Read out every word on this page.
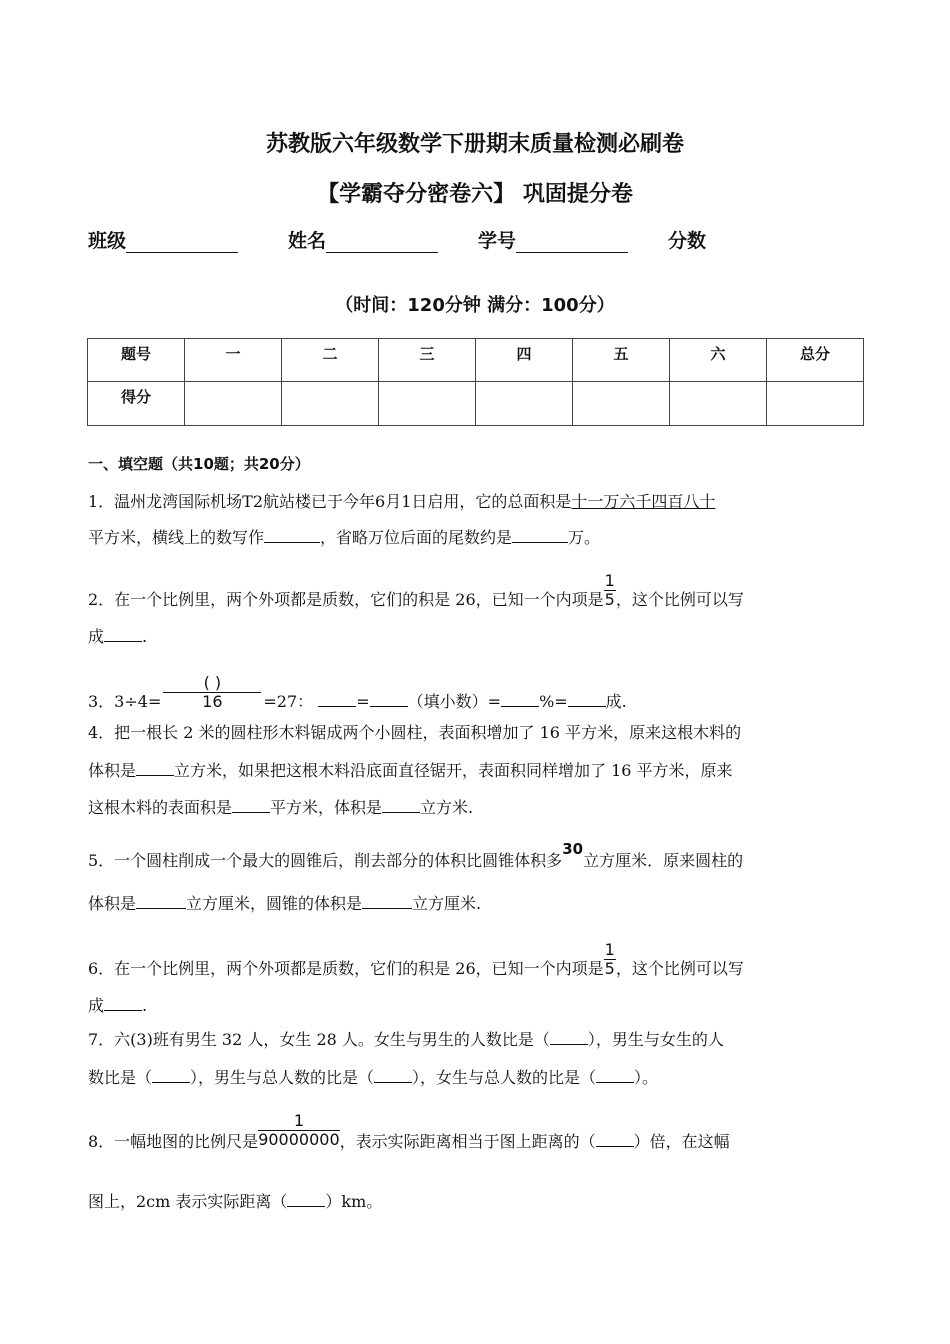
苏教版六年级数学下册期末质量检测必刷卷
【学霸夺分密卷六】 巩固提分卷
班级	姓名	学号	分数
（时间：120分钟 满分：100分）
题号	一	二	三	四	五	六	总分
得分							
一、填空题（共10题；共20分）
1．温州龙湾国际机场T2航站楼已于今年6月1日启用，它的总面积是十一万六千四百八十
平方米，横线上的数写作	，省略万位后面的尾数约是	万。
2．在一个比例里，两个外项都是质数，它们的积是 26，已知一个内项是 $\frac{1}{5}$ ，这个比例可以写
成 .
3．$3\div 4= \frac{( )}{16} =27$：	= （填小数）= %= 成.
4．把一根长 2 米的圆柱形木料锯成两个小圆柱，表面积增加了 16 平方米，原来这根木料的
体积是 立方米，如果把这根木料沿底面直径锯开，表面积同样增加了 16 平方米，原来
这根木料的表面积是 平方米，体积是 立方米.
5．一个圆柱削成一个最大的圆锥后，削去部分的体积比圆锥体积多30立方厘米．原来圆柱的
体积是	立方厘米，圆锥的体积是	立方厘米.
6．在一个比例里，两个外项都是质数，它们的积是 26，已知一个内项是 $\frac{1}{5}$ ，这个比例可以写
成 .
7．六(3)班有男生 32 人，女生 28 人。女生与男生的人数比是（ ），男生与女生的人
数比是（ ），男生与总人数的比是（ ），女生与总人数的比是（ ）。
8．一幅地图的比例尺是 $\frac{1}{90000000}$ ，表示实际距离相当于图上距离的（ ）倍，在这幅
图上，2cm 表示实际距离（ ）km。
